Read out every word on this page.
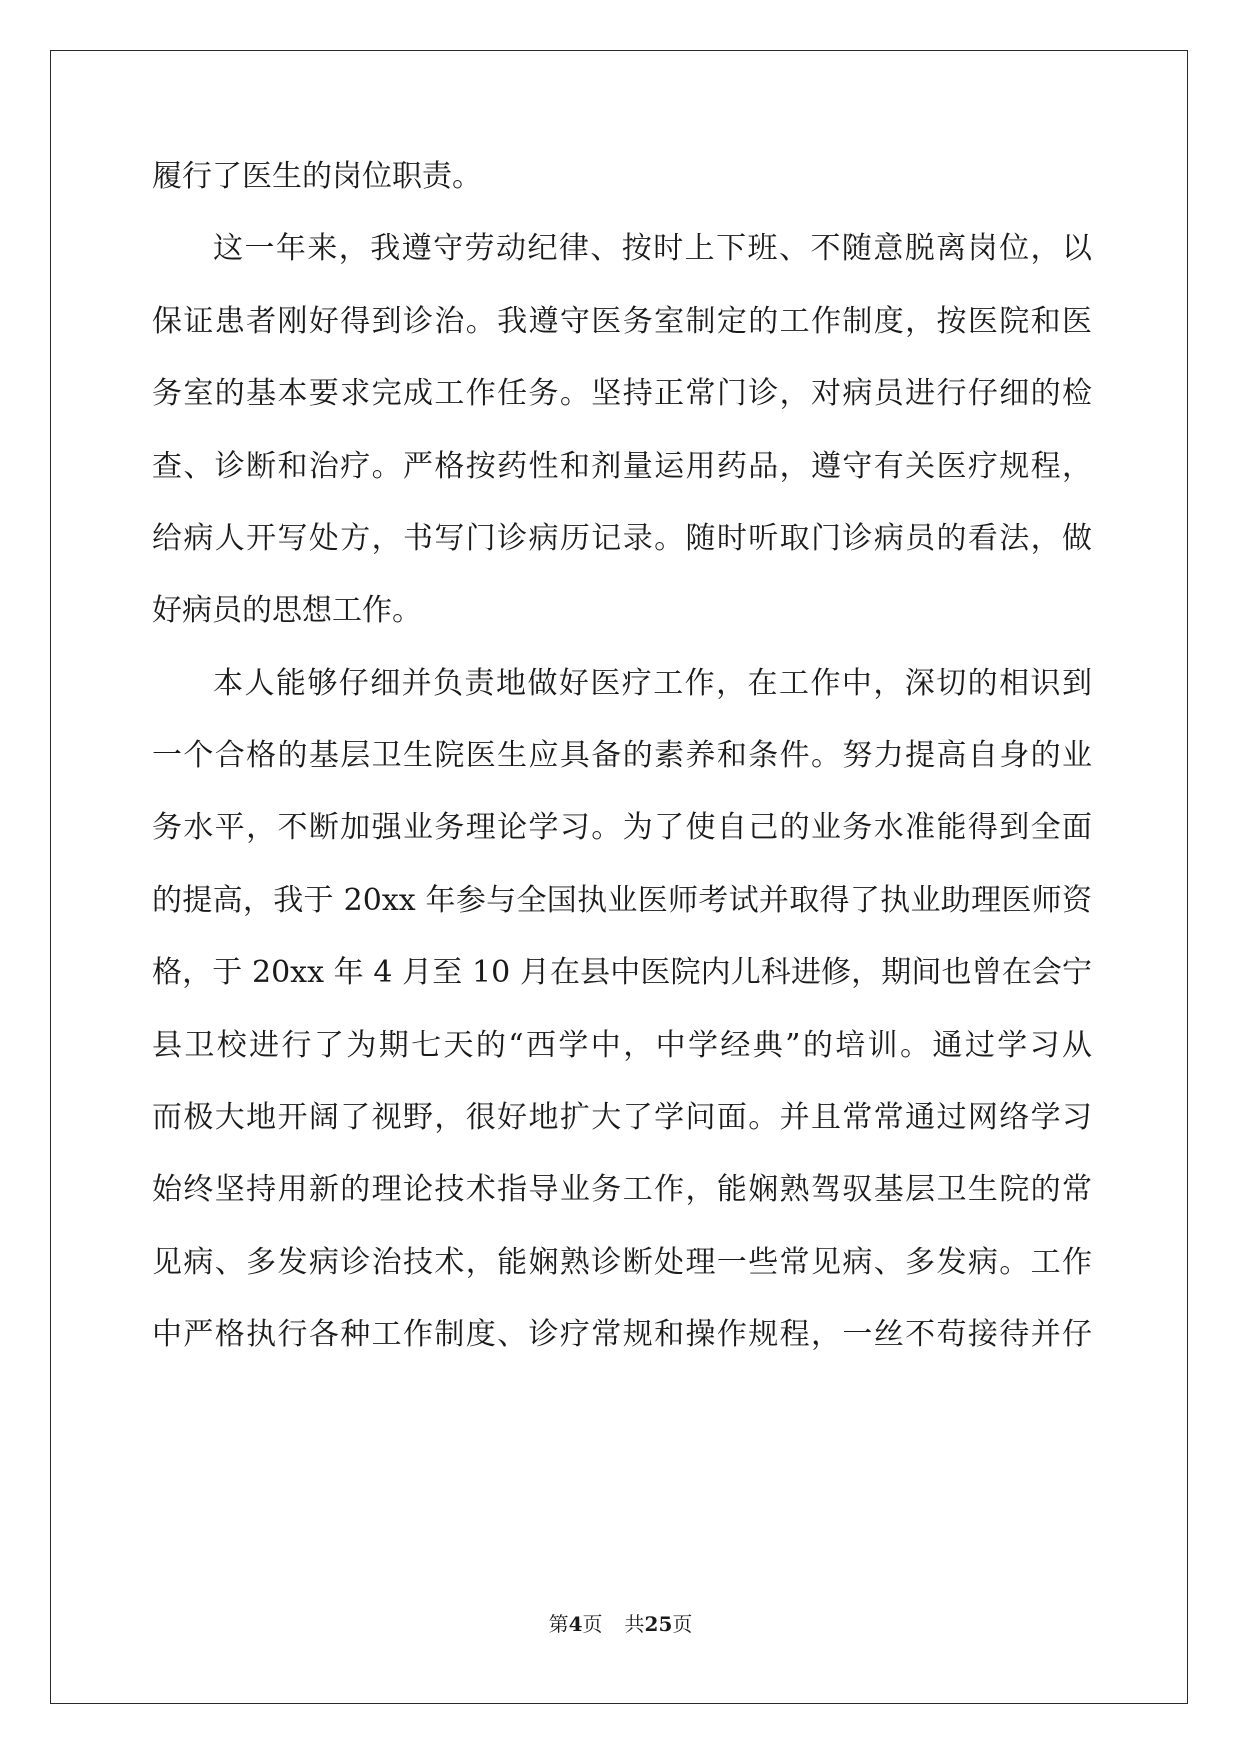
履行了医生的岗位职责。
这一年来，我遵守劳动纪律、按时上下班、不随意脱离岗位，以
保证患者刚好得到诊治。我遵守医务室制定的工作制度，按医院和医
务室的基本要求完成工作任务。坚持正常门诊，对病员进行仔细的检
查、诊断和治疗。严格按药性和剂量运用药品，遵守有关医疗规程，
给病人开写处方，书写门诊病历记录。随时听取门诊病员的看法，做
好病员的思想工作。
本人能够仔细并负责地做好医疗工作，在工作中，深切的相识到
一个合格的基层卫生院医生应具备的素养和条件。努力提高自身的业
务水平，不断加强业务理论学习。为了使自己的业务水准能得到全面
的提高，我于 20xx 年参与全国执业医师考试并取得了执业助理医师资
格，于 20xx 年 4 月至 10 月在县中医院内儿科进修，期间也曾在会宁
县卫校进行了为期七天的“西学中，中学经典”的培训。通过学习从
而极大地开阔了视野，很好地扩大了学问面。并且常常通过网络学习
始终坚持用新的理论技术指导业务工作，能娴熟驾驭基层卫生院的常
见病、多发病诊治技术，能娴熟诊断处理一些常见病、多发病。工作
中严格执行各种工作制度、诊疗常规和操作规程，一丝不苟接待并仔
第4页 共25页
